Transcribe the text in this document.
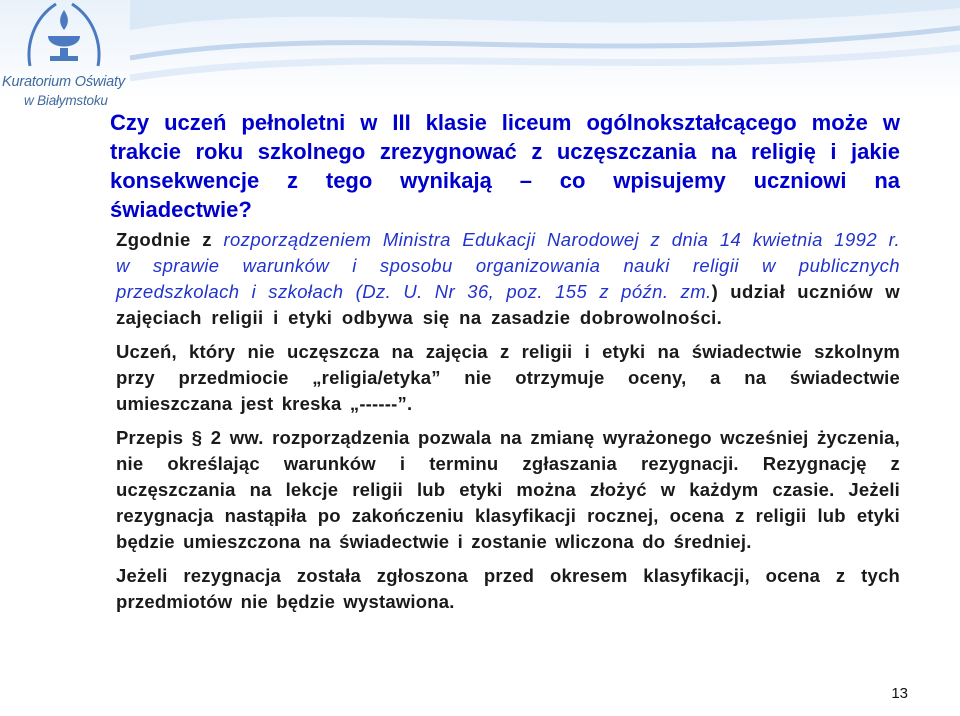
Kuratorium Oświaty
w Białymstoku

Czy uczeń pełnoletni w III klasie liceum ogólnokształcącego może w trakcie roku szkolnego zrezygnować z uczęszczania na religię i jakie konsekwencje z tego wynikają – co wpisujemy uczniowi na świadectwie?

Zgodnie z rozporządzeniem Ministra Edukacji Narodowej z dnia 14 kwietnia 1992 r. w sprawie warunków i sposobu organizowania nauki religii w publicznych przedszkolach i szkołach (Dz. U. Nr 36, poz. 155 z późn. zm.) udział uczniów w zajęciach religii i etyki odbywa się na zasadzie dobrowolności.

Uczeń, który nie uczęszcza na zajęcia z religii i etyki na świadectwie szkolnym przy przedmiocie „religia/etyka” nie otrzymuje oceny, a na świadectwie umieszczana jest kreska „------”.

Przepis § 2 ww. rozporządzenia pozwala na zmianę wyrażonego wcześniej życzenia, nie określając warunków i terminu zgłaszania rezygnacji. Rezygnację z uczęszczania na lekcje religii lub etyki można złożyć w każdym czasie. Jeżeli rezygnacja nastąpiła po zakończeniu klasyfikacji rocznej, ocena z religii lub etyki będzie umieszczona na świadectwie i zostanie wliczona do średniej.

Jeżeli rezygnacja została zgłoszona przed okresem klasyfikacji, ocena z tych przedmiotów nie będzie wystawiona.

13
